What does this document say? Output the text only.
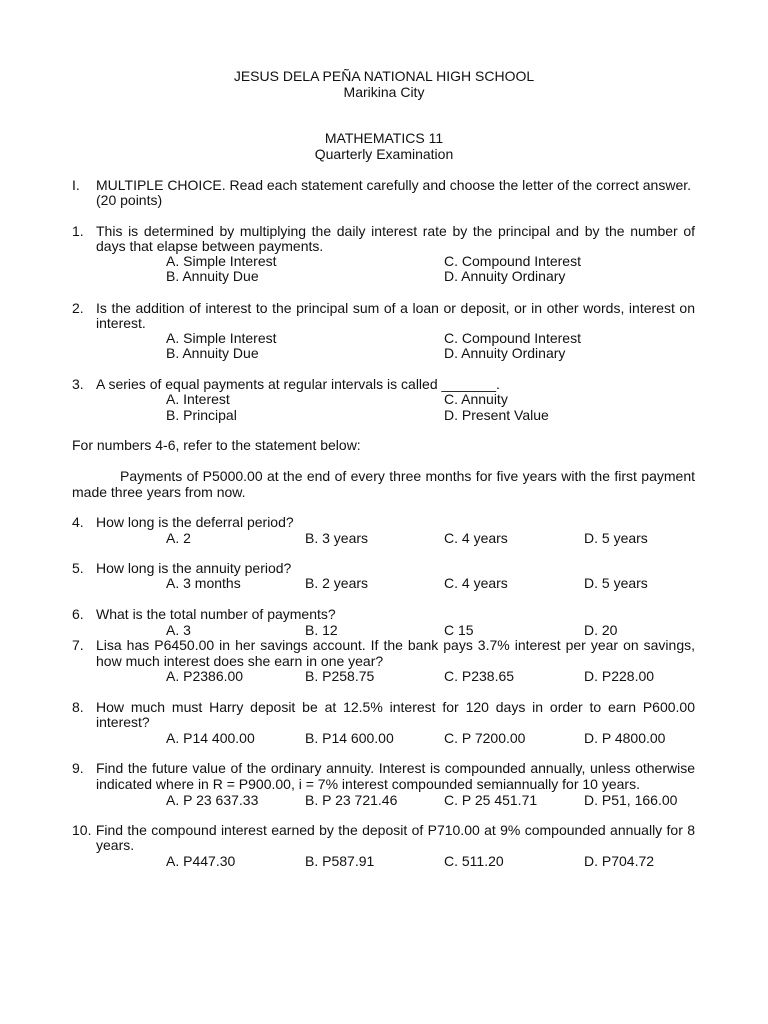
JESUS DELA PEÑA NATIONAL HIGH SCHOOL
Marikina City
MATHEMATICS 11
Quarterly Examination
I. MULTIPLE CHOICE. Read each statement carefully and choose the letter of the correct answer.
(20 points)
1. This is determined by multiplying the daily interest rate by the principal and by the number of
days that elapse between payments.
A. Simple Interest	C. Compound Interest
B. Annuity Due	D. Annuity Ordinary
2. Is the addition of interest to the principal sum of a loan or deposit, or in other words, interest on
interest.
A. Simple Interest	C. Compound Interest
B. Annuity Due	D. Annuity Ordinary
3. A series of equal payments at regular intervals is called _______.
A. Interest	C. Annuity
B. Principal	D. Present Value
For numbers 4-6, refer to the statement below:
Payments of P5000.00 at the end of every three months for five years with the first payment
made three years from now.
4. How long is the deferral period?
A. 2	B. 3 years	C. 4 years	D. 5 years
5. How long is the annuity period?
A. 3 months	B. 2 years	C. 4 years	D. 5 years
6. What is the total number of payments?
A. 3	B. 12	C 15	D. 20
7. Lisa has P6450.00 in her savings account. If the bank pays 3.7% interest per year on savings,
how much interest does she earn in one year?
A. P2386.00	B. P258.75	C. P238.65	D. P228.00
8. How much must Harry deposit be at 12.5% interest for 120 days in order to earn P600.00
interest?
A. P14 400.00	B. P14 600.00	C. P 7200.00	D. P 4800.00
9. Find the future value of the ordinary annuity. Interest is compounded annually, unless otherwise
indicated where in R = P900.00, i = 7% interest compounded semiannually for 10 years.
A. P 23 637.33	B. P 23 721.46	C. P 25 451.71	D. P51, 166.00
10. Find the compound interest earned by the deposit of P710.00 at 9% compounded annually for 8
years.
A. P447.30	B. P587.91	C. 511.20	D. P704.72
